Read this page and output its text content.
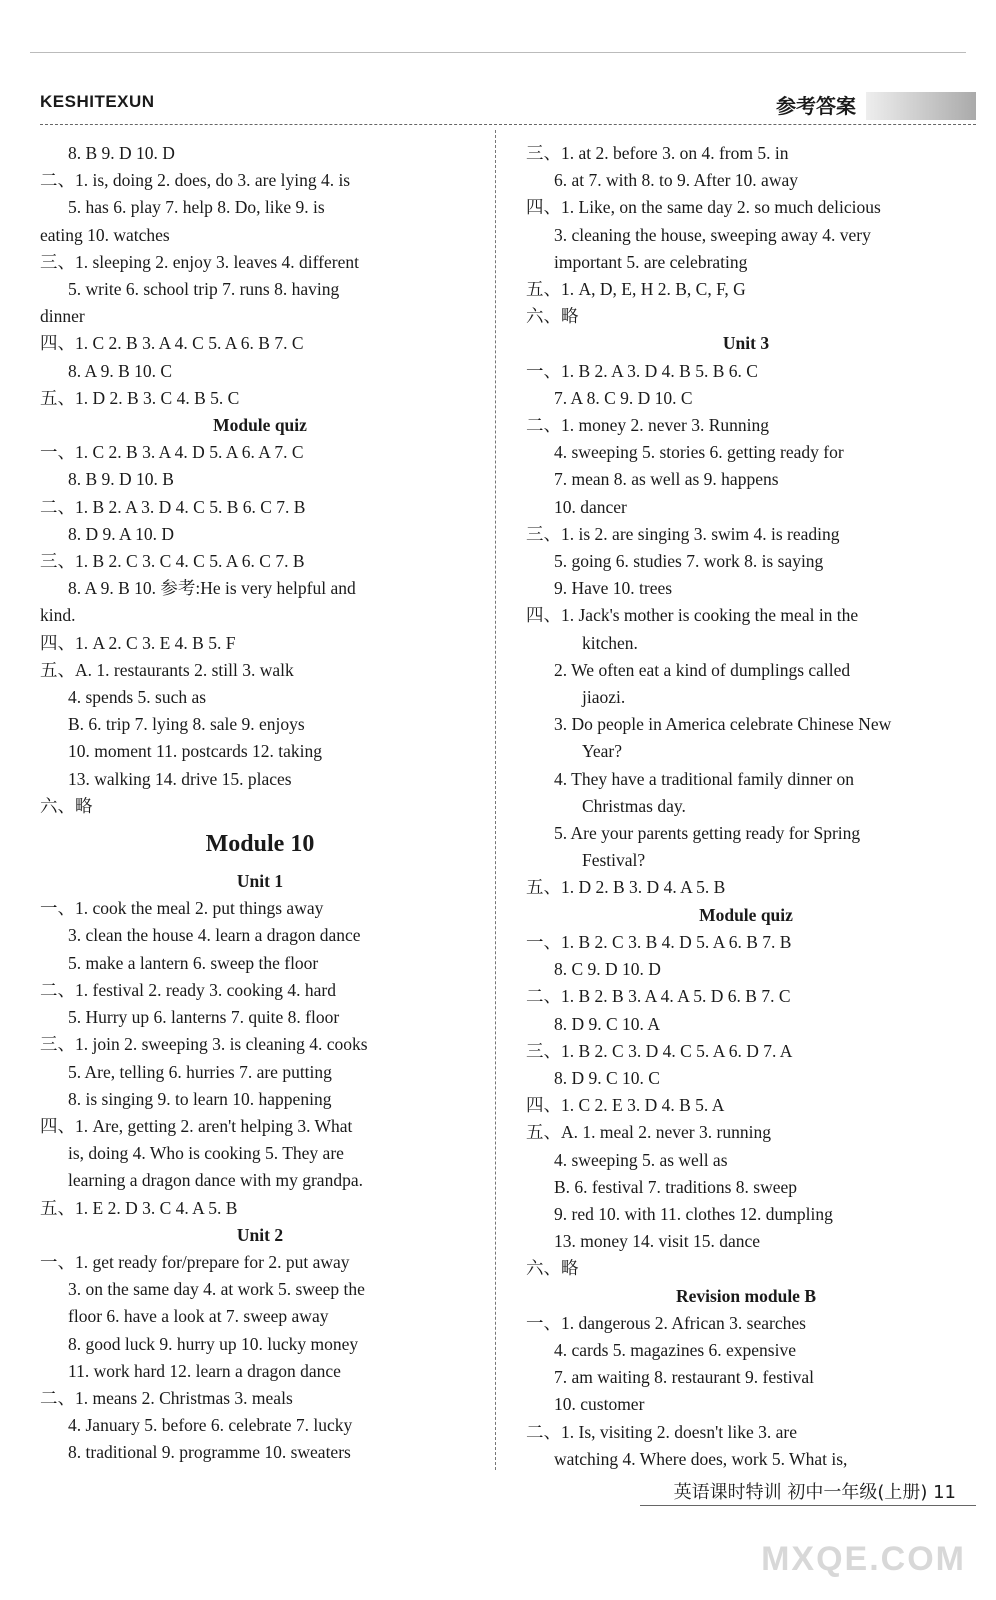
KESHITEXUN	参考答案
8. B 9. D 10. D
二、1. is, doing 2. does, do 3. are lying 4. is
5. has 6. play 7. help 8. Do, like 9. is
eating 10. watches
三、1. sleeping 2. enjoy 3. leaves 4. different
5. write 6. school trip 7. runs 8. having
dinner
四、1. C 2. B 3. A 4. C 5. A 6. B 7. C
8. A 9. B 10. C
五、1. D 2. B 3. C 4. B 5. C
Module quiz
一、1. C 2. B 3. A 4. D 5. A 6. A 7. C
8. B 9. D 10. B
二、1. B 2. A 3. D 4. C 5. B 6. C 7. B
8. D 9. A 10. D
三、1. B 2. C 3. C 4. C 5. A 6. C 7. B
8. A 9. B 10. 参考:He is very helpful and
kind.
四、1. A 2. C 3. E 4. B 5. F
五、A. 1. restaurants 2. still 3. walk
4. spends 5. such as
B. 6. trip 7. lying 8. sale 9. enjoys
10. moment 11. postcards 12. taking
13. walking 14. drive 15. places
六、略
Module 10
Unit 1
一、1. cook the meal 2. put things away
3. clean the house 4. learn a dragon dance
5. make a lantern 6. sweep the floor
二、1. festival 2. ready 3. cooking 4. hard
5. Hurry up 6. lanterns 7. quite 8. floor
三、1. join 2. sweeping 3. is cleaning 4. cooks
5. Are, telling 6. hurries 7. are putting
8. is singing 9. to learn 10. happening
四、1. Are, getting 2. aren't helping 3. What
is, doing 4. Who is cooking 5. They are
learning a dragon dance with my grandpa.
五、1. E 2. D 3. C 4. A 5. B
Unit 2
一、1. get ready for/prepare for 2. put away
3. on the same day 4. at work 5. sweep the
floor 6. have a look at 7. sweep away
8. good luck 9. hurry up 10. lucky money
11. work hard 12. learn a dragon dance
二、1. means 2. Christmas 3. meals
4. January 5. before 6. celebrate 7. lucky
8. traditional 9. programme 10. sweaters
三、1. at 2. before 3. on 4. from 5. in
6. at 7. with 8. to 9. After 10. away
四、1. Like, on the same day 2. so much delicious
3. cleaning the house, sweeping away 4. very
important 5. are celebrating
五、1. A, D, E, H 2. B, C, F, G
六、略
Unit 3
一、1. B 2. A 3. D 4. B 5. B 6. C
7. A 8. C 9. D 10. C
二、1. money 2. never 3. Running
4. sweeping 5. stories 6. getting ready for
7. mean 8. as well as 9. happens
10. dancer
三、1. is 2. are singing 3. swim 4. is reading
5. going 6. studies 7. work 8. is saying
9. Have 10. trees
四、1. Jack's mother is cooking the meal in the
kitchen.
2. We often eat a kind of dumplings called
jiaozi.
3. Do people in America celebrate Chinese New
Year?
4. They have a traditional family dinner on
Christmas day.
5. Are your parents getting ready for Spring
Festival?
五、1. D 2. B 3. D 4. A 5. B
Module quiz
一、1. B 2. C 3. B 4. D 5. A 6. B 7. B
8. C 9. D 10. D
二、1. B 2. B 3. A 4. A 5. D 6. B 7. C
8. D 9. C 10. A
三、1. B 2. C 3. D 4. C 5. A 6. D 7. A
8. D 9. C 10. C
四、1. C 2. E 3. D 4. B 5. A
五、A. 1. meal 2. never 3. running
4. sweeping 5. as well as
B. 6. festival 7. traditions 8. sweep
9. red 10. with 11. clothes 12. dumpling
13. money 14. visit 15. dance
六、略
Revision module B
一、1. dangerous 2. African 3. searches
4. cards 5. magazines 6. expensive
7. am waiting 8. restaurant 9. festival
10. customer
二、1. Is, visiting 2. doesn't like 3. are
watching 4. Where does, work 5. What is,
英语课时特训 初中一年级(上册) 11
MXQE.COM
